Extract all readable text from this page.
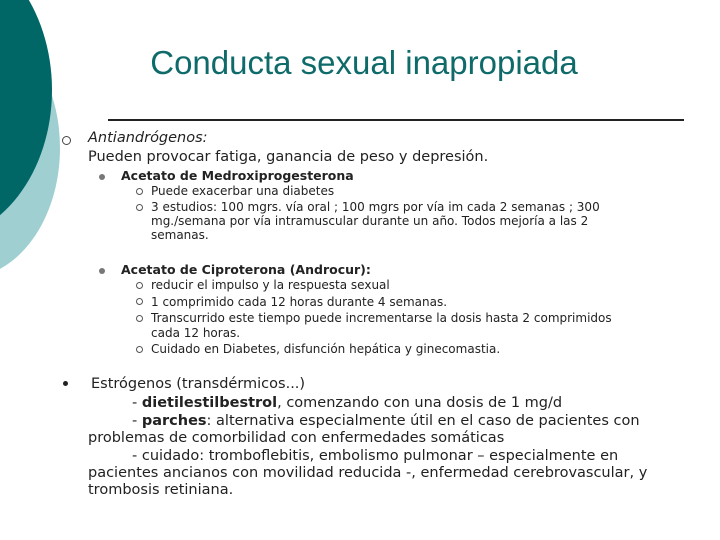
Conducta sexual inapropiada
Antiandrógenos:
Pueden provocar fatiga, ganancia de peso y depresión.
Acetato de Medroxiprogesterona
Puede exacerbar una diabetes
3 estudios: 100 mgrs. vía oral ; 100 mgrs por vía im cada 2 semanas ; 300
mg./semana por vía intramuscular durante un año. Todos mejoría a las 2
semanas.
Acetato de Ciproterona (Androcur):
reducir el impulso y la respuesta sexual
1 comprimido cada 12 horas durante 4 semanas.
Transcurrido este tiempo puede incrementarse la dosis hasta 2 comprimidos
cada 12 horas.
Cuidado en Diabetes, disfunción hepática y ginecomastia.
Estrógenos (transdérmicos...)
- dietilestilbestrol, comenzando con una dosis de 1 mg/d
- parches: alternativa especialmente útil en el caso de pacientes con
problemas de comorbilidad con enfermedades somáticas
- cuidado: tromboflebitis, embolismo pulmonar – especialmente en
pacientes ancianos con movilidad reducida -, enfermedad cerebrovascular, y
trombosis retiniana.
